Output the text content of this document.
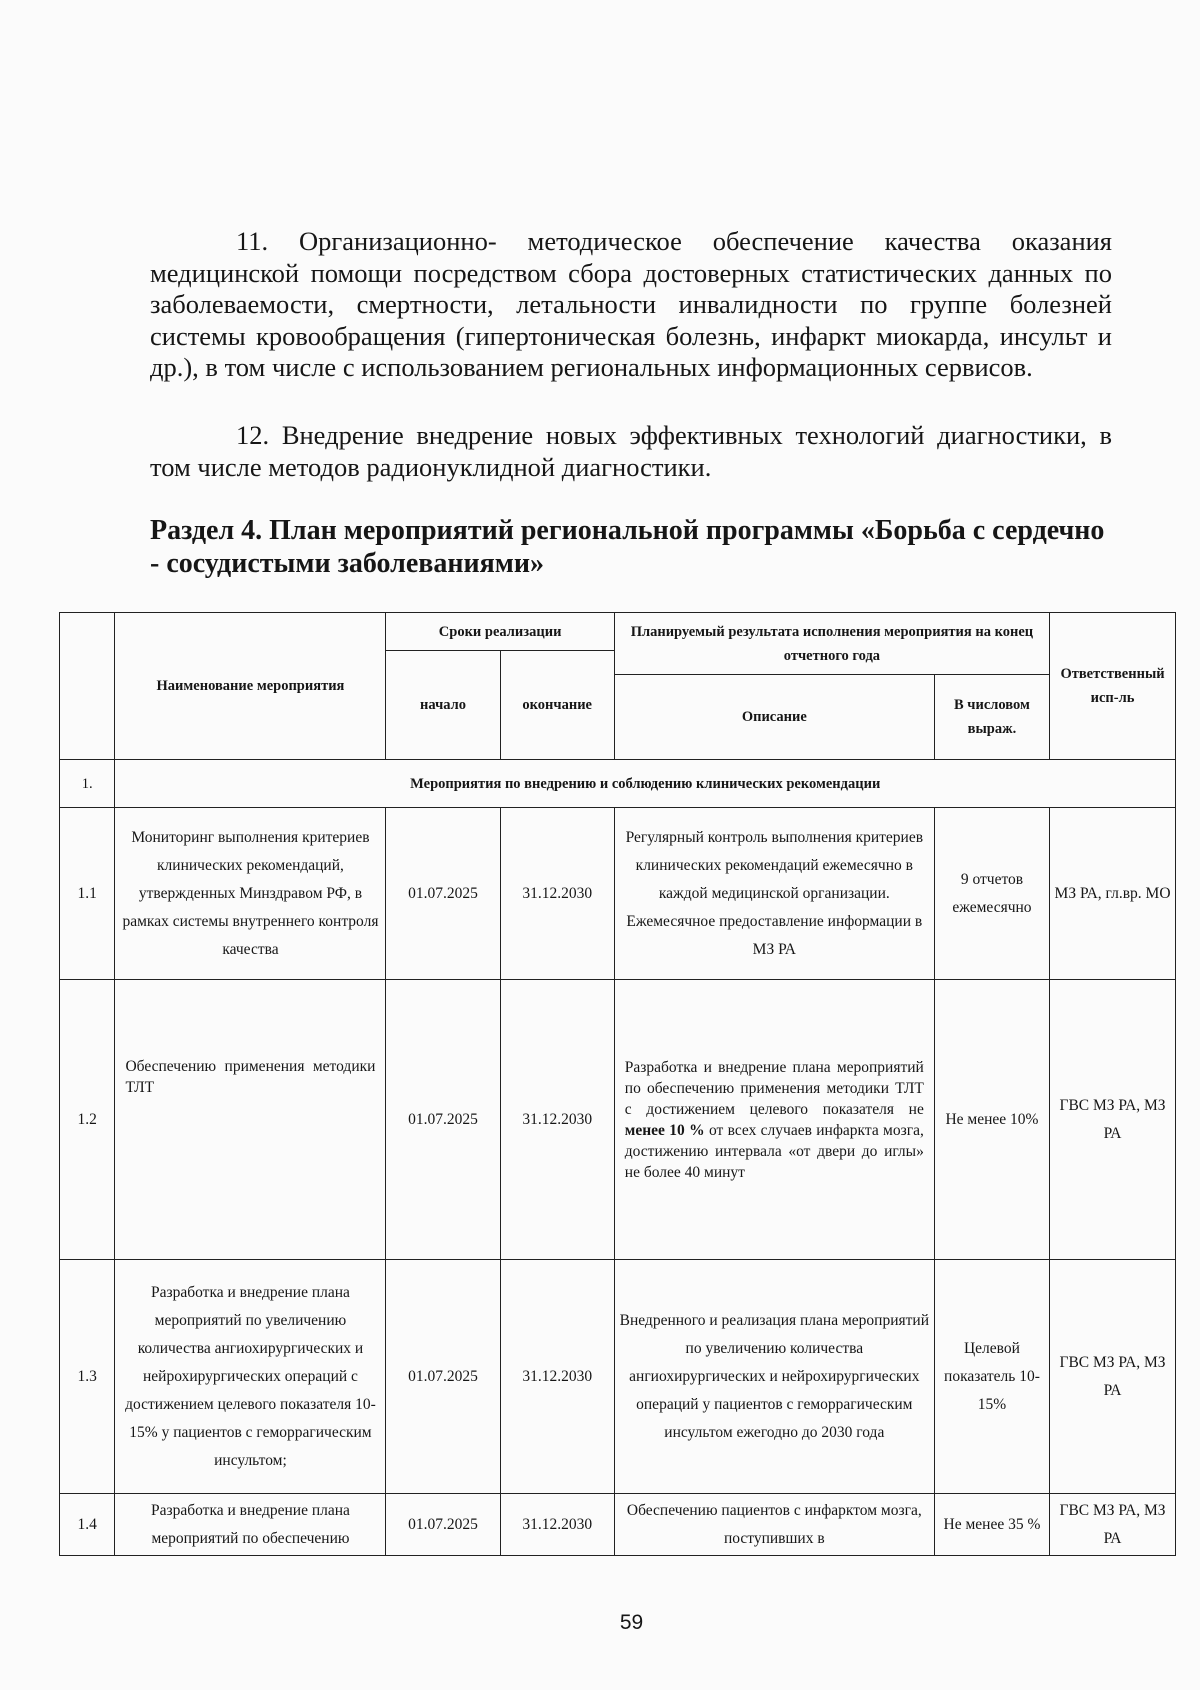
11. Организационно- методическое обеспечение качества оказания медицинской помощи посредством сбора достоверных статистических данных по заболеваемости, смертности, летальности инвалидности по группе болезней системы кровообращения (гипертоническая болезнь, инфаркт миокарда, инсульт и др.), в том числе с использованием региональных информационных сервисов.
12. Внедрение внедрение новых эффективных технологий диагностики, в том числе методов радионуклидной диагностики.
Раздел 4. План мероприятий региональной программы «Борьба с сердечно - сосудистыми заболеваниями»
	Наименование мероприятия	Сроки реализации		Планируемый результата исполнения мероприятия на конец отчетного года		Ответственный исп-ль
		начало	окончание			
				Описание	В числовом выраж.	
1.	Мероприятия по внедрению и соблюдению клинических рекомендации					
1.1	Мониторинг выполнения критериев клинических рекомендаций, утвержденных Минздравом РФ, в рамках системы внутреннего контроля качества	01.07.2025	31.12.2030	Регулярный контроль выполнения критериев клинических рекомендаций ежемесячно в каждой медицинской организации. Ежемесячное предоставление информации в МЗ РА	9 отчетов ежемесячно	МЗ РА, гл.вр. МО
1.2	Обеспечению применения методики ТЛТ	01.07.2025	31.12.2030	Разработка и внедрение плана мероприятий по обеспечению применения методики ТЛТ с достижением целевого показателя не менее 10 % от всех случаев инфаркта мозга, достижению интервала «от двери до иглы» не более 40 минут	Не менее 10%	ГВС МЗ РА, МЗ РА
1.3	Разработка и внедрение плана мероприятий по увеличению количества ангиохирургических и нейрохирургических операций с достижением целевого показателя 10-15% у пациентов с геморрагическим инсультом;	01.07.2025	31.12.2030	Внедренного и реализация плана мероприятий по увеличению количества ангиохирургических и нейрохирургических операций у пациентов с геморрагическим инсультом ежегодно до 2030 года	Целевой показатель 10-15%	ГВС МЗ РА, МЗ РА
1.4	Разработка и внедрение плана мероприятий по обеспечению	01.07.2025	31.12.2030	Обеспечению пациентов с инфарктом мозга, поступивших в	Не менее 35 %	ГВС МЗ РА, МЗ РА
59
